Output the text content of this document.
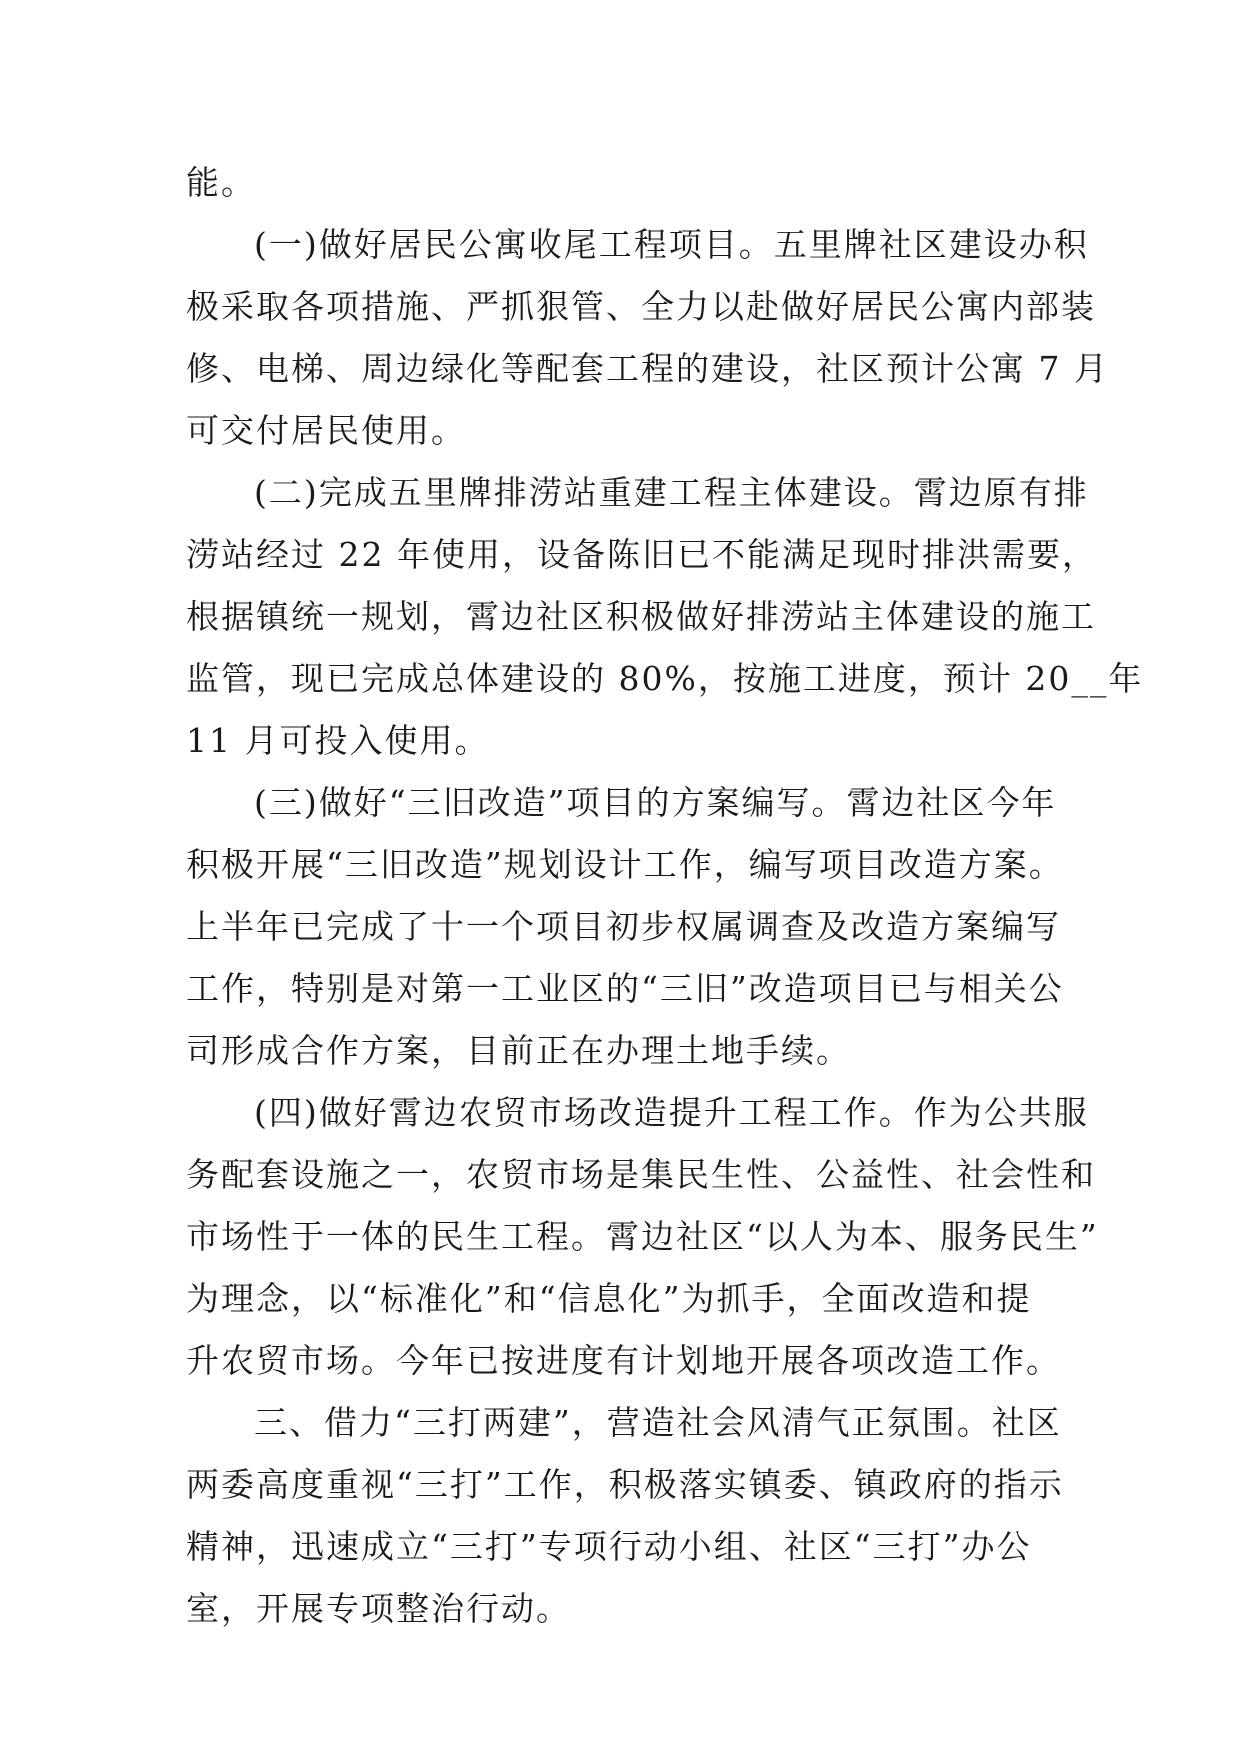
能。
(一)做好居民公寓收尾工程项目。五里牌社区建设办积
极采取各项措施、严抓狠管、全力以赴做好居民公寓内部装
修、电梯、周边绿化等配套工程的建设，社区预计公寓 7 月
可交付居民使用。
(二)完成五里牌排涝站重建工程主体建设。霄边原有排
涝站经过 22 年使用，设备陈旧已不能满足现时排洪需要，
根据镇统一规划，霄边社区积极做好排涝站主体建设的施工
监管，现已完成总体建设的 80%，按施工进度，预计 20__年
11 月可投入使用。
(三)做好“三旧改造”项目的方案编写。霄边社区今年
积极开展“三旧改造”规划设计工作，编写项目改造方案。
上半年已完成了十一个项目初步权属调查及改造方案编写
工作，特别是对第一工业区的“三旧”改造项目已与相关公
司形成合作方案，目前正在办理土地手续。
(四)做好霄边农贸市场改造提升工程工作。作为公共服
务配套设施之一，农贸市场是集民生性、公益性、社会性和
市场性于一体的民生工程。霄边社区“以人为本、服务民生”
为理念，以“标准化”和“信息化”为抓手，全面改造和提
升农贸市场。今年已按进度有计划地开展各项改造工作。
三、借力“三打两建”，营造社会风清气正氛围。社区
两委高度重视“三打”工作，积极落实镇委、镇政府的指示
精神，迅速成立“三打”专项行动小组、社区“三打”办公
室，开展专项整治行动。
